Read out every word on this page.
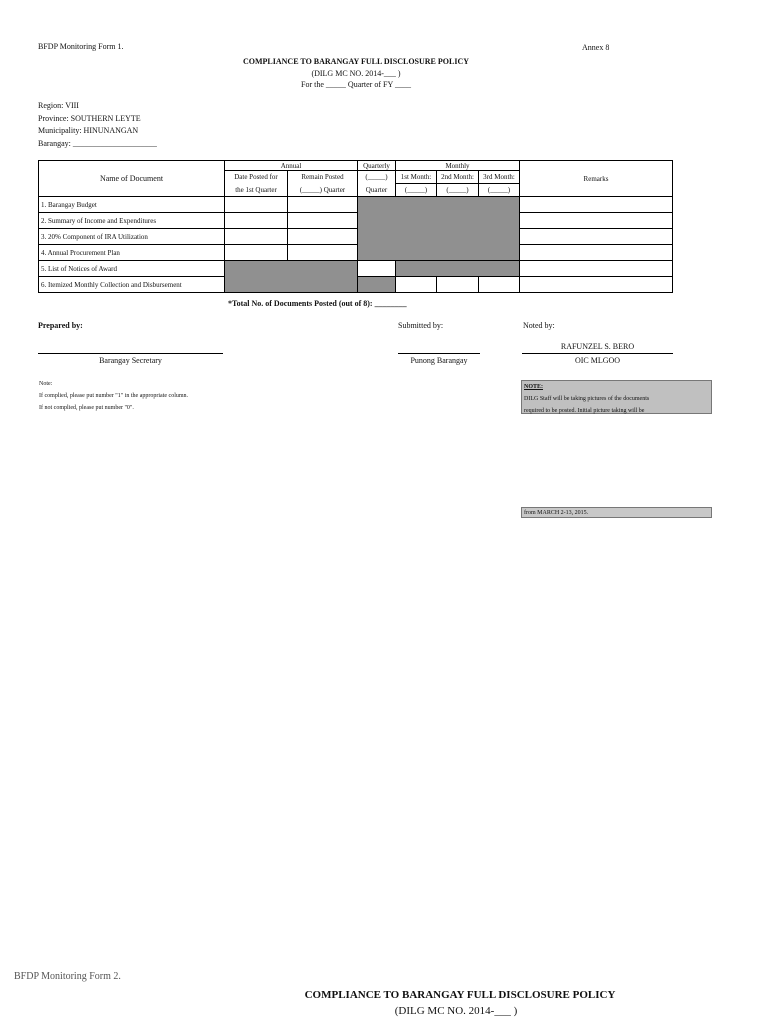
BFDP Monitoring Form 1.	Annex 8
COMPLIANCE TO BARANGAY FULL DISCLOSURE POLICY
(DILG MC NO. 2014-___ )
For the _____ Quarter of FY ____
Region: VIII
Province: SOUTHERN LEYTE
Municipality: HINUNANGAN
Barangay: _____________________
Name of Document	Annual		Quarterly	Monthly			Remarks
	Date Posted for	Remain Posted	(_____)	1st Month:	2nd Month:	3rd Month:	
	the 1st Quarter	(_____) Quarter	Quarter	(_____)	(_____)	(_____)	
1. Barangay Budget							
2. Summary of Income and Expenditures							
3. 20% Component of IRA Utilization							
4. Annual Procurement Plan							
5. List of Notices of Award							
6. Itemized Monthly Collection and Disbursement							
*Total No. of Documents Posted (out of 8): ________
Prepared by:	Submitted by:	Noted by:
RAFUNZEL S. BERO
Barangay Secretary	Punong Barangay	OIC MLGOO
Note:
If complied, please put number "1" in the appropriate column.
If not complied, please put number "0".
NOTE:
DILG Staff will be taking pictures of the documents
required to be posted. Initial picture taking will be
from MARCH 2-13, 2015.
BFDP Monitoring Form 2.
COMPLIANCE TO BARANGAY FULL DISCLOSURE POLICY
(DILG MC NO. 2014-___ )
